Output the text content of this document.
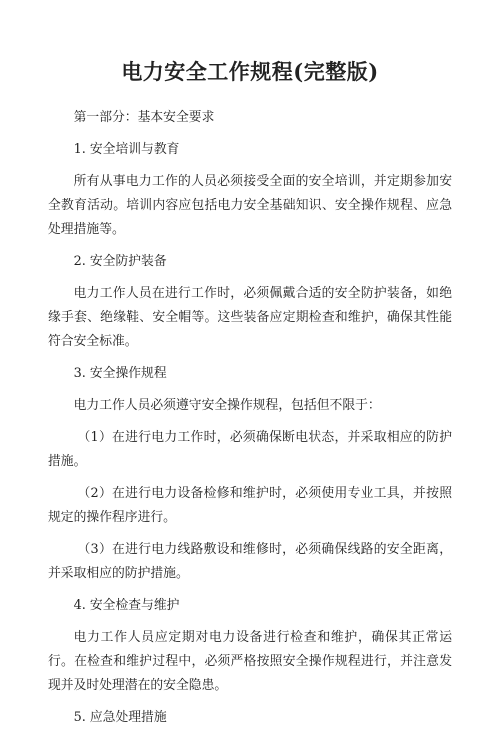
电力安全工作规程(完整版)
第一部分：基本安全要求
1. 安全培训与教育
所有从事电力工作的人员必须接受全面的安全培训，并定期参加安全教育活动。培训内容应包括电力安全基础知识、安全操作规程、应急处理措施等。
2. 安全防护装备
电力工作人员在进行工作时，必须佩戴合适的安全防护装备，如绝缘手套、绝缘鞋、安全帽等。这些装备应定期检查和维护，确保其性能符合安全标准。
3. 安全操作规程
电力工作人员必须遵守安全操作规程，包括但不限于：
（1）在进行电力工作时，必须确保断电状态，并采取相应的防护措施。
（2）在进行电力设备检修和维护时，必须使用专业工具，并按照规定的操作程序进行。
（3）在进行电力线路敷设和维修时，必须确保线路的安全距离，并采取相应的防护措施。
4. 安全检查与维护
电力工作人员应定期对电力设备进行检查和维护，确保其正常运行。在检查和维护过程中，必须严格按照安全操作规程进行，并注意发现并及时处理潜在的安全隐患。
5. 应急处理措施
